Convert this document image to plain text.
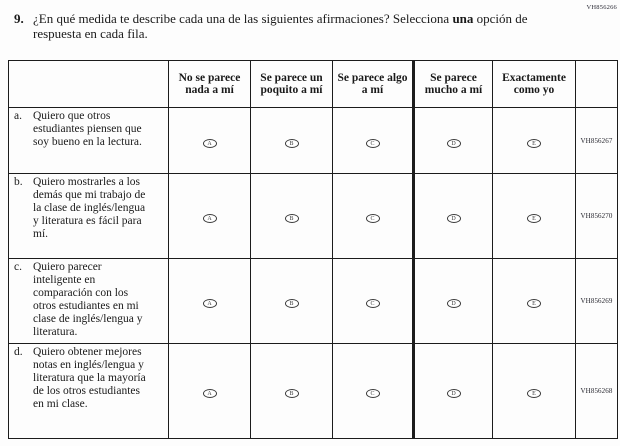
VH856266
9. ¿En qué medida te describe cada una de las siguientes afirmaciones? Selecciona una opción de respuesta en cada fila.
	No se parece nada a mí	Se parece un poquito a mí	Se parece algo a mí	Se parece mucho a mí	Exactamente como yo	

a. Quiero que otros estudiantes piensen que soy bueno en la lectura.	A	B	C	D	E	VH856267

b. Quiero mostrarles a los demás que mi trabajo de la clase de inglés/​lengua y literatura es fácil para mí.	A	B	C	D	E	VH856270

c. Quiero parecer inteligente en comparación con los otros estudiantes en mi clase de inglés/​lengua y literatura.	A	B	C	D	E	VH856269

d. Quiero obtener mejores notas en inglés/​lengua y literatura que la mayoría de los otros estudiantes en mi clase.	A	B	C	D	E	VH856268
